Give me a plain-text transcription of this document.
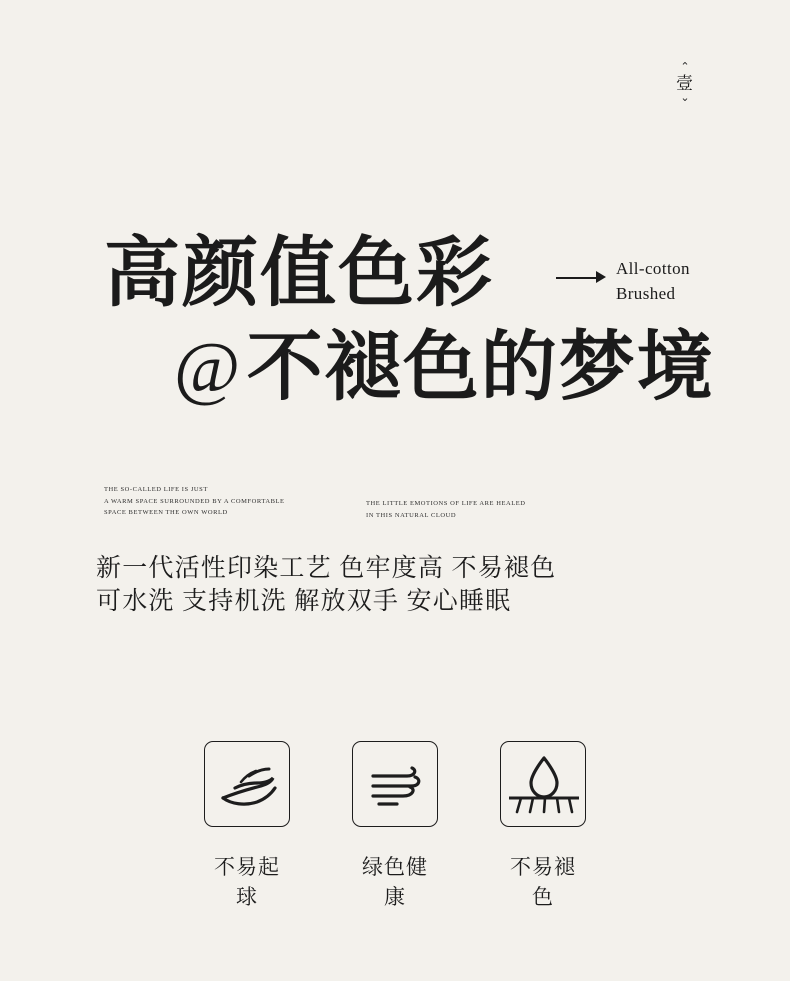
⌃
壹
⌄
高颜值色彩	All-cotton
Brushed
@ 不褪色的梦境
THE SO-CALLED LIFE IS JUST
A WARM SPACE SURROUNDED BY A COMFORTABLE
SPACE BETWEEN THE OWN WORLD
THE LITTLE EMOTIONS OF LIFE ARE HEALED
IN THIS NATURAL CLOUD
新一代活性印染工艺 色牢度高 不易褪色
可水洗 支持机洗 解放双手 安心睡眠
不易起球
绿色健康
不易褪色
